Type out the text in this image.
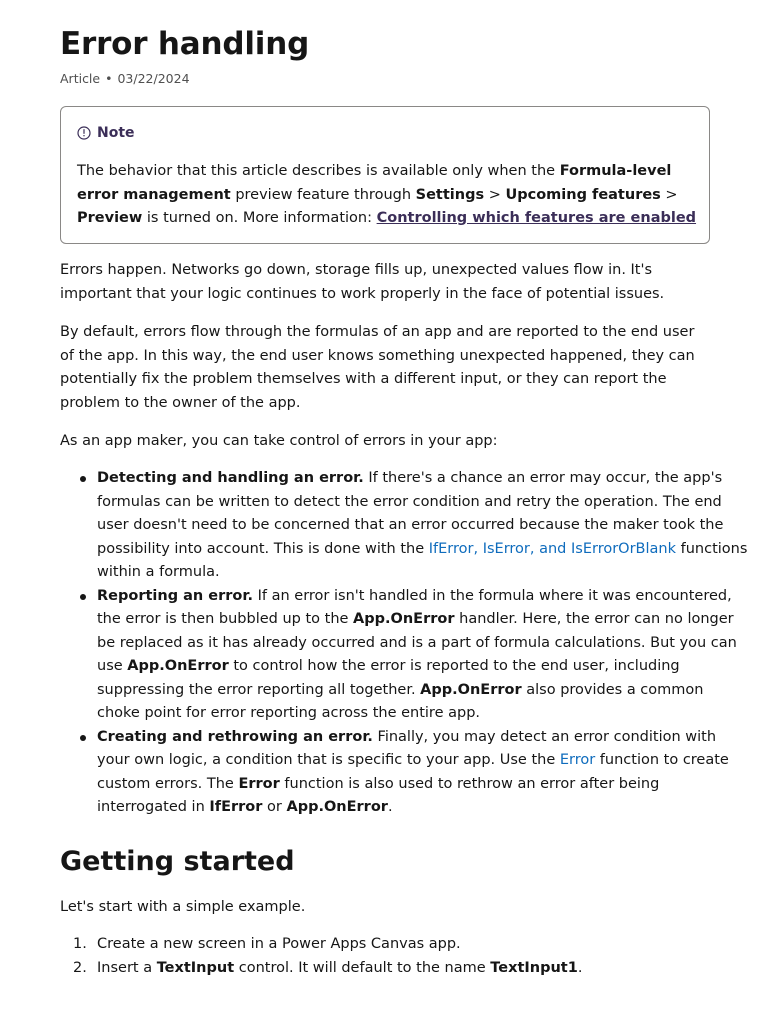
Error handling
Article • 03/22/2024
Note
The behavior that this article describes is available only when the Formula-level error management preview feature through Settings > Upcoming features > Preview is turned on. More information: Controlling which features are enabled

Errors happen. Networks go down, storage fills up, unexpected values flow in. It's important that your logic continues to work properly in the face of potential issues.

By default, errors flow through the formulas of an app and are reported to the end user of the app. In this way, the end user knows something unexpected happened, they can potentially fix the problem themselves with a different input, or they can report the problem to the owner of the app.

As an app maker, you can take control of errors in your app:

Detecting and handling an error. If there's a chance an error may occur, the app's formulas can be written to detect the error condition and retry the operation. The end user doesn't need to be concerned that an error occurred because the maker took the possibility into account. This is done with the IfError, IsError, and IsErrorOrBlank functions within a formula.
Reporting an error. If an error isn't handled in the formula where it was encountered, the error is then bubbled up to the App.OnError handler. Here, the error can no longer be replaced as it has already occurred and is a part of formula calculations. But you can use App.OnError to control how the error is reported to the end user, including suppressing the error reporting all together. App.OnError also provides a common choke point for error reporting across the entire app.
Creating and rethrowing an error. Finally, you may detect an error condition with your own logic, a condition that is specific to your app. Use the Error function to create custom errors. The Error function is also used to rethrow an error after being interrogated in IfError or App.OnError.
Getting started

Let's start with a simple example.

1. Create a new screen in a Power Apps Canvas app.
2. Insert a TextInput control. It will default to the name TextInput1.
